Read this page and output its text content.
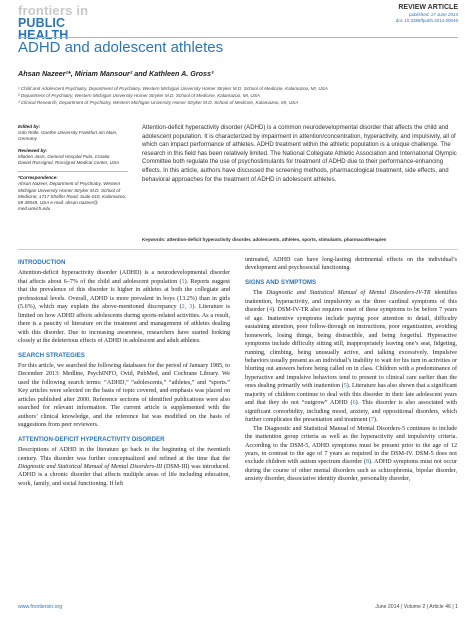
frontiers in
PUBLIC HEALTH
REVIEW ARTICLE
published: 17 June 2014
doi: 10.3389/fpubh.2014.00046
ADHD and adolescent athletes
Ahsan Nazeer¹*, Miriam Mansour² and Kathleen A. Gross³
¹ Child and Adolescent Psychiatry, Department of Psychiatry, Western Michigan University Homer Stryker M.D. School of Medicine, Kalamazoo, MI, USA
² Department of Psychiatry, Western Michigan University Homer Stryker M.D. School of Medicine, Kalamazoo, MI, USA
³ Clinical Research, Department of Psychiatry, Western Michigan University Homer Stryker M.D. School of Medicine, Kalamazoo, MI, USA
Edited by:
Gdo Rolle, Goethe University Frankfurt am Main, Germany
Reviewed by:
Mladen Jasic, General Hospital Pula, Croatia
Daniel Rossignol, Rossignol Medical Center, USA
*Correspondence:
Ahsan Nazeer, Department of Psychiatry, Western Michigan University Homer Stryker M.D. School of Medicine, 1717 Shaffer Road, Suite 010, Kalamazoo, MI 49048, USA e-mail: ahsan.nazeer@ med.wmich.edu
Attention-deficit hyperactivity disorder (ADHD) is a common neurodevelopmental disorder that affects the child and adolescent population. It is characterized by impairment in attention/concentration, hyperactivity, and impulsivity, all of which can impact performance of athletes. ADHD treatment within the athletic population is a unique challenge. The research in this field has been relatively limited. The National Collegiate Athletic Association and International Olympic Committee both regulate the use of psychostimulants for treatment of ADHD due to their performance-enhancing effects. In this article, authors have discussed the screening methods, pharmacological treatment, side effects, and behavioral approaches for the treatment of ADHD in adolescent athletes.
Keywords: attention-deficit hyperactivity disorder, adolescents, athletes, sports, stimulants, pharmacotherapies
INTRODUCTION

Attention-deficit hyperactivity disorder (ADHD) is a neurodevelopmental disorder that affects about 6–7% of the child and adolescent population (1). Reports suggest that the prevalence of this disorder is higher in athletes at both the collegiate and professional levels. Overall, ADHD is more prevalent in boys (13.2%) than in girls (5.6%), which may explain the above-mentioned discrepancy (2, 3). Literature is limited on how ADHD affects adolescents during sports-related activities. As a result, there is a paucity of literature on the treatment and management of athletes dealing with this disorder. Due to increasing awareness, researchers have started looking closely at the deleterious effects of ADHD in adolescent and adult athletes.

SEARCH STRATEGIES

For this article, we searched the following databases for the period of January 1985, to December 2013: Medline, PsychINFO, Ovid, PubMed, and Cochrane Library. We used the following search terms: “ADHD,” “adolescents,” “athletes,” and “sports.” Key articles were selected on the basis of topic covered, and emphasis was placed on articles published after 2000. Reference sections of identified publications were also searched for relevant information. The current article is supplemented with the authors’ clinical knowledge, and the reference list was modified on the basis of suggestions from peer reviewers.

ATTENTION-DEFICIT HYPERACTIVITY DISORDER

Descriptions of ADHD in the literature go back to the beginning of the twentieth century. This disorder was further conceptualized and refined at the time that the Diagnostic and Statistical Manual of Mental Disorders-III (DSM-III) was introduced. ADHD is a chronic disorder that affects multiple areas of life including education, work, family, and social functioning. If left

untreated, ADHD can have long-lasting detrimental effects on the individual’s development and psychosocial functioning.

SIGNS AND SYMPTOMS

The Diagnostic and Statistical Manual of Mental Disorders-IV-TR identifies inattention, hyperactivity, and impulsivity as the three cardinal symptoms of this disorder (4). DSM-IV-TR also requires onset of these symptoms to be before 7 years of age. Inattentive symptoms include paying poor attention to detail, difficulty sustaining attention, poor follow-through on instructions, poor organization, avoiding homework, losing things, being distractible, and being forgetful. Hyperactive symptoms include difficulty sitting still, inappropriately leaving one’s seat, fidgeting, running, climbing, being unusually active, and talking excessively. Impulsive behaviors usually present as an individual’s inability to wait for his turn in activities or blurting out answers before being called on in class. Children with a predominance of hyperactive and impulsive behaviors tend to present to clinical care earlier than the ones dealing primarily with inattention (5). Literature has also shown that a significant majority of children continue to deal with this disorder in their late adolescent years and that they do not “outgrow” ADHD (6). This disorder is also associated with significant comorbidity, including mood, anxiety, and oppositional disorders, which further complicates the presentation and treatment (7).

The Diagnostic and Statistical Manual of Mental Disorders-5 continues to include the inattention group criteria as well as the hyperactivity and impulsivity criteria. According to the DSM-5, ADHD symptoms must be present prior to the age of 12 years, in contrast to the age of 7 years as required in the DSM-IV. DSM-5 does not exclude children with autism spectrum disorder (8). ADHD symptoms must not occur during the course of other mental disorders such as schizophrenia, bipolar disorder, anxiety disorder, dissociative identity disorder, personality disorder,

www.frontiersin.org	June 2014 | Volume 2 | Article 46 | 1
